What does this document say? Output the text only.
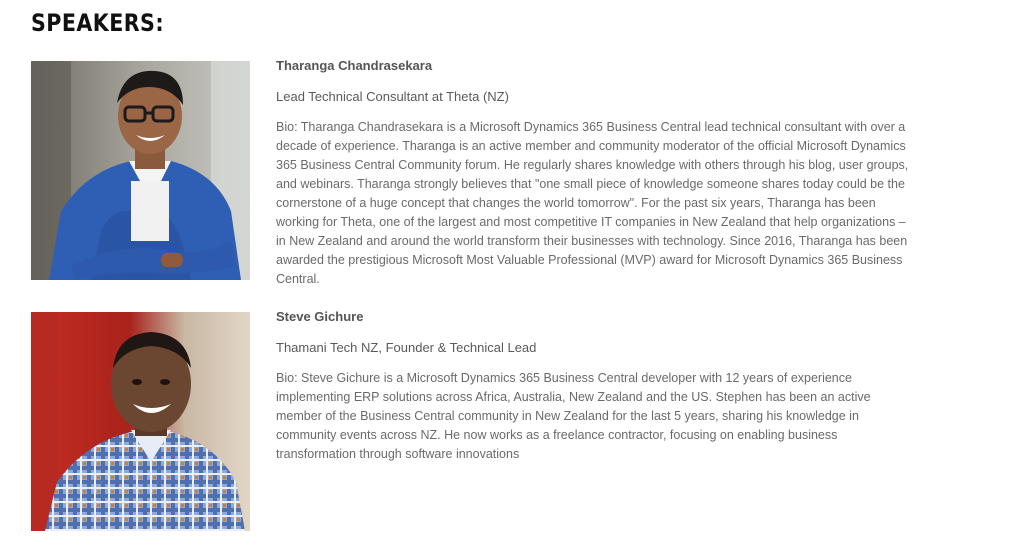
SPEAKERS:

Tharanga Chandrasekara

Lead Technical Consultant at Theta (NZ)

Bio: Tharanga Chandrasekara is a Microsoft Dynamics 365 Business Central lead technical consultant with over a decade of experience. Tharanga is an active member and community moderator of the official Microsoft Dynamics 365 Business Central Community forum. He regularly shares knowledge with others through his blog, user groups, and webinars. Tharanga strongly believes that "one small piece of knowledge someone shares today could be the cornerstone of a huge concept that changes the world tomorrow". For the past six years, Tharanga has been working for Theta, one of the largest and most competitive IT companies in New Zealand that help organizations – in New Zealand and around the world transform their businesses with technology. Since 2016, Tharanga has been awarded the prestigious Microsoft Most Valuable Professional (MVP) award for Microsoft Dynamics 365 Business Central.

Steve Gichure

Thamani Tech NZ, Founder & Technical Lead

Bio: Steve Gichure is a Microsoft Dynamics 365 Business Central developer with 12 years of experience implementing ERP solutions across Africa, Australia, New Zealand and the US. Stephen has been an active member of the Business Central community in New Zealand for the last 5 years, sharing his knowledge in community events across NZ. He now works as a freelance contractor, focusing on enabling business transformation through software innovations
